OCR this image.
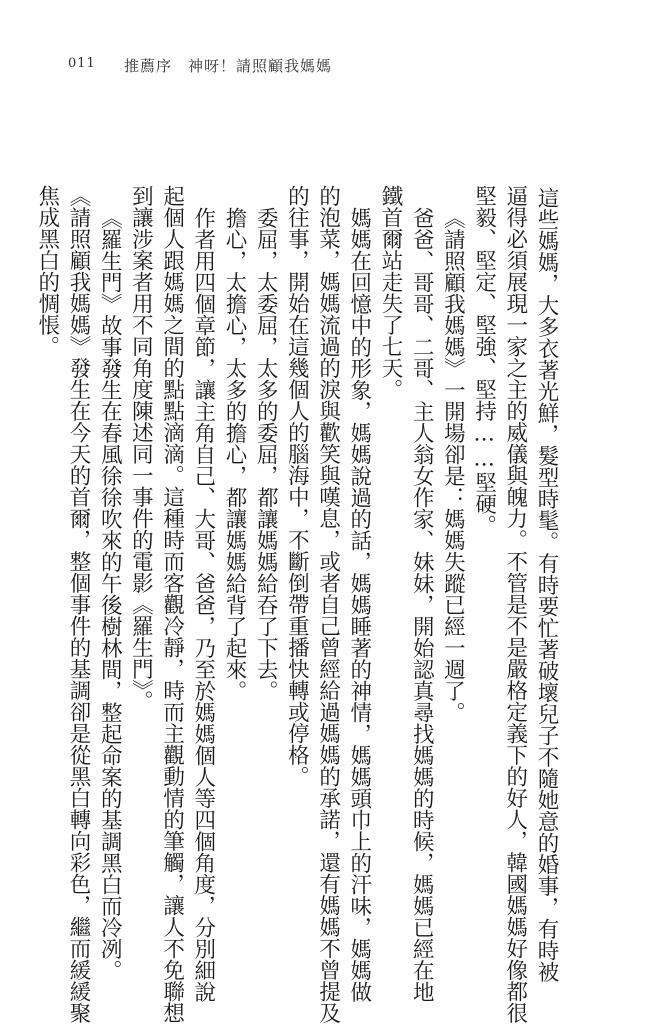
011 推薦序　神呀！請照顧我媽媽
這些媽媽，大多衣著光鮮，髮型時髦。有時要忙著破壞兒子不隨她意的婚事，有時被
逼得必須展現一家之主的威儀與魄力。不管是不是嚴格定義下的好人，韓國媽媽好像都很
堅毅、堅定、堅強、堅持……堅硬。
《請照顧我媽媽》一開場卻是：媽媽失蹤已經一週了。
爸爸、哥哥、二哥、主人翁女作家、妹妹，開始認真尋找媽媽的時候，媽媽已經在地
鐵首爾站走失了七天。
媽媽在回憶中的形象，媽媽說過的話，媽媽睡著的神情，媽媽頭巾上的汗味，媽媽做
的泡菜，媽媽流過的淚與歡笑與嘆息，或者自己曾經給過媽媽的承諾，還有媽媽不曾提及
的往事，開始在這幾個人的腦海中，不斷倒帶重播快轉或停格。
委屈，太委屈，太多的委屈，都讓媽媽給吞了下去。
擔心，太擔心，太多的擔心，都讓媽媽給背了起來。
作者用四個章節，讓主角自己、大哥、爸爸，乃至於媽媽個人等四個角度，分別細說
起個人跟媽媽之間的點點滴滴。這種時而客觀冷靜，時而主觀動情的筆觸，讓人不免聯想
到讓涉案者用不同角度陳述同一事件的電影《羅生門》。
《羅生門》故事發生在春風徐徐吹來的午後樹林間，整起命案的基調黑白而冷冽。
《請照顧我媽媽》發生在今天的首爾，整個事件的基調卻是從黑白轉向彩色，繼而緩緩聚
焦成黑白的惆悵。
